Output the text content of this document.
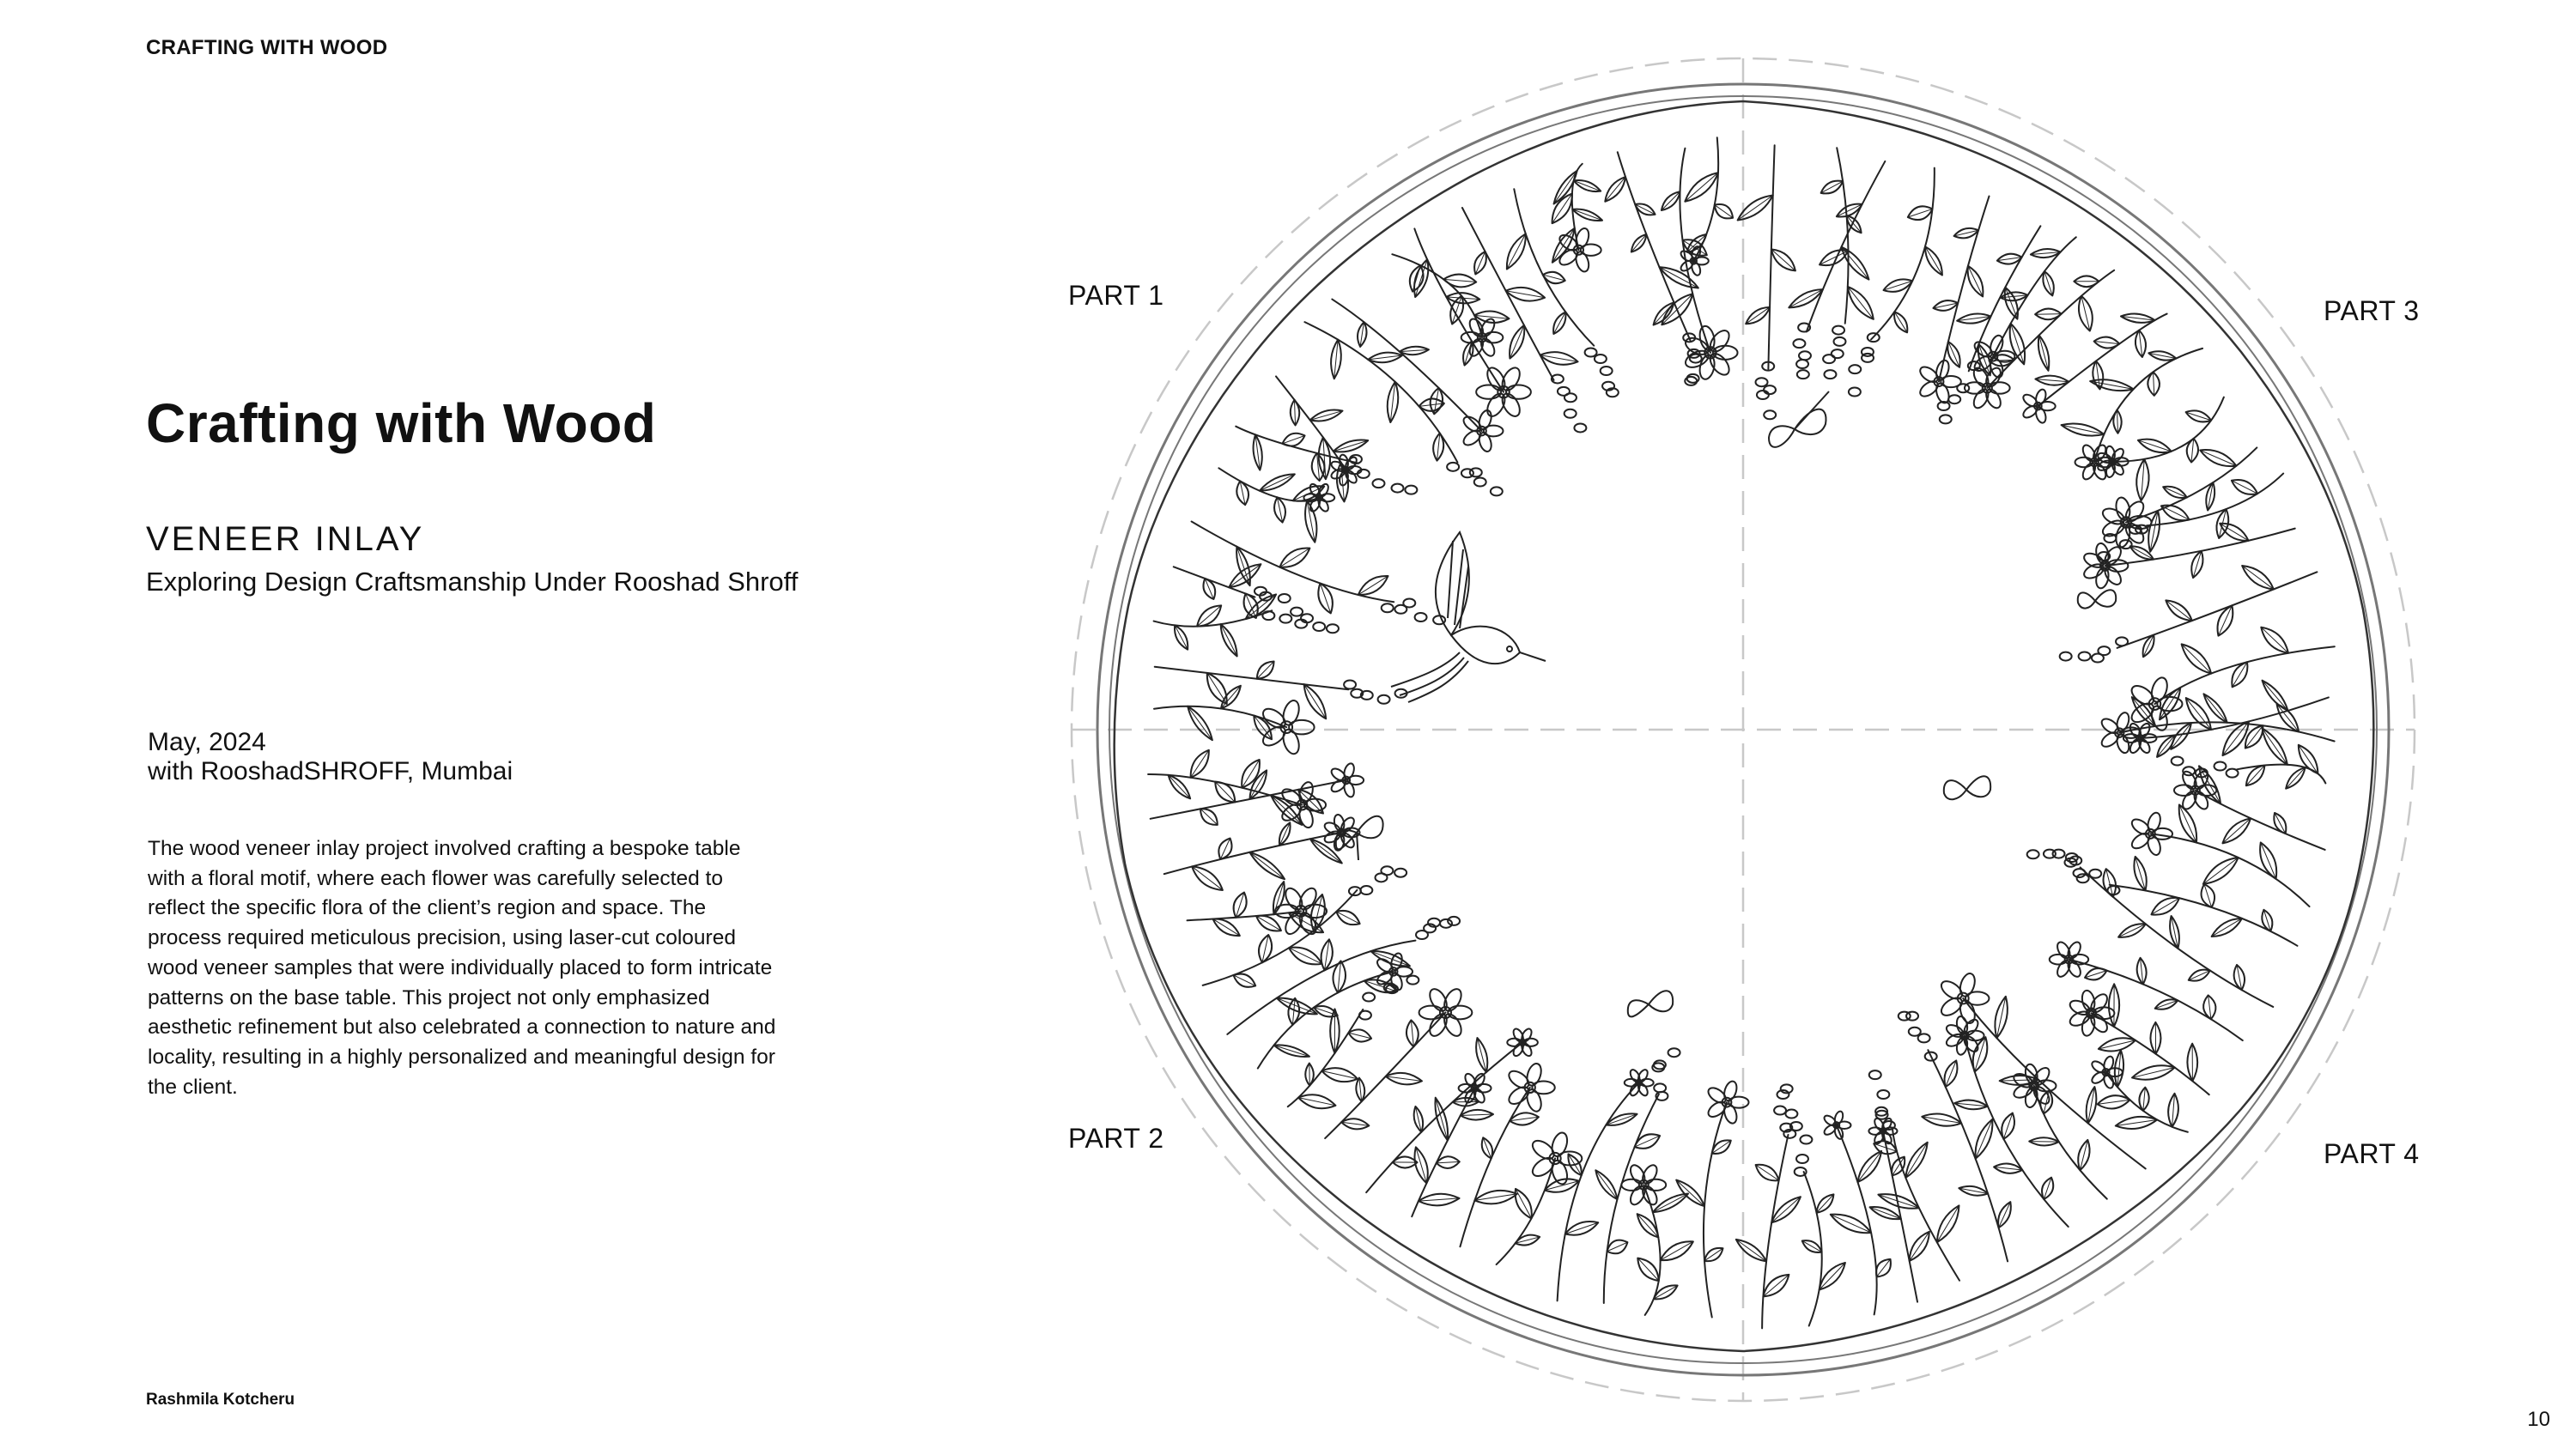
CRAFTING WITH WOOD
Crafting with Wood
VENEER INLAY
Exploring Design Craftsmanship Under Rooshad Shroff
May, 2024
with RooshadSHROFF, Mumbai
The wood veneer inlay project involved crafting a bespoke table with a floral motif, where each flower was carefully selected to reflect the specific flora of the client’s region and space. The process required meticulous precision, using laser-cut coloured wood veneer samples that were individually placed to form intricate patterns on the base table. This project not only emphasized aesthetic refinement but also celebrated a connection to nature and locality, resulting in a highly personalized and meaningful design for the client.
Rashmila Kotcheru
10
PART 1
PART 2
PART 3
PART 4
